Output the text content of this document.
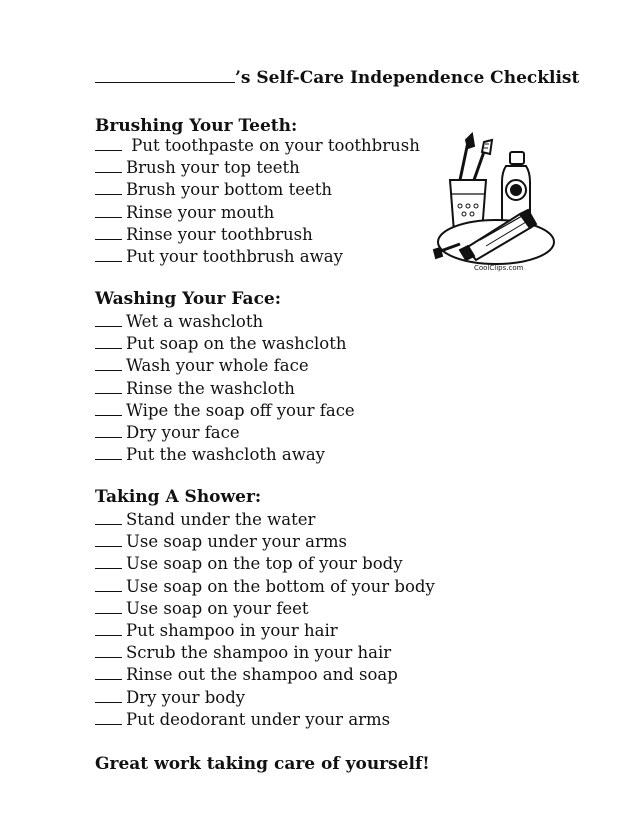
’s Self-Care Independence Checklist
Brushing Your Teeth:
Put toothpaste on your toothbrush
Brush your top teeth
Brush your bottom teeth
Rinse your mouth
Rinse your toothbrush
Put your toothbrush away
CoolClips.com
Washing Your Face:
Wet a washcloth
Put soap on the washcloth
Wash your whole face
Rinse the washcloth
Wipe the soap off your face
Dry your face
Put the washcloth away
Taking A Shower:
Stand under the water
Use soap under your arms
Use soap on the top of your body
Use soap on the bottom of your body
Use soap on your feet
Put shampoo in your hair
Scrub the shampoo in your hair
Rinse out the shampoo and soap
Dry your body
Put deodorant under your arms
Great work taking care of yourself!
